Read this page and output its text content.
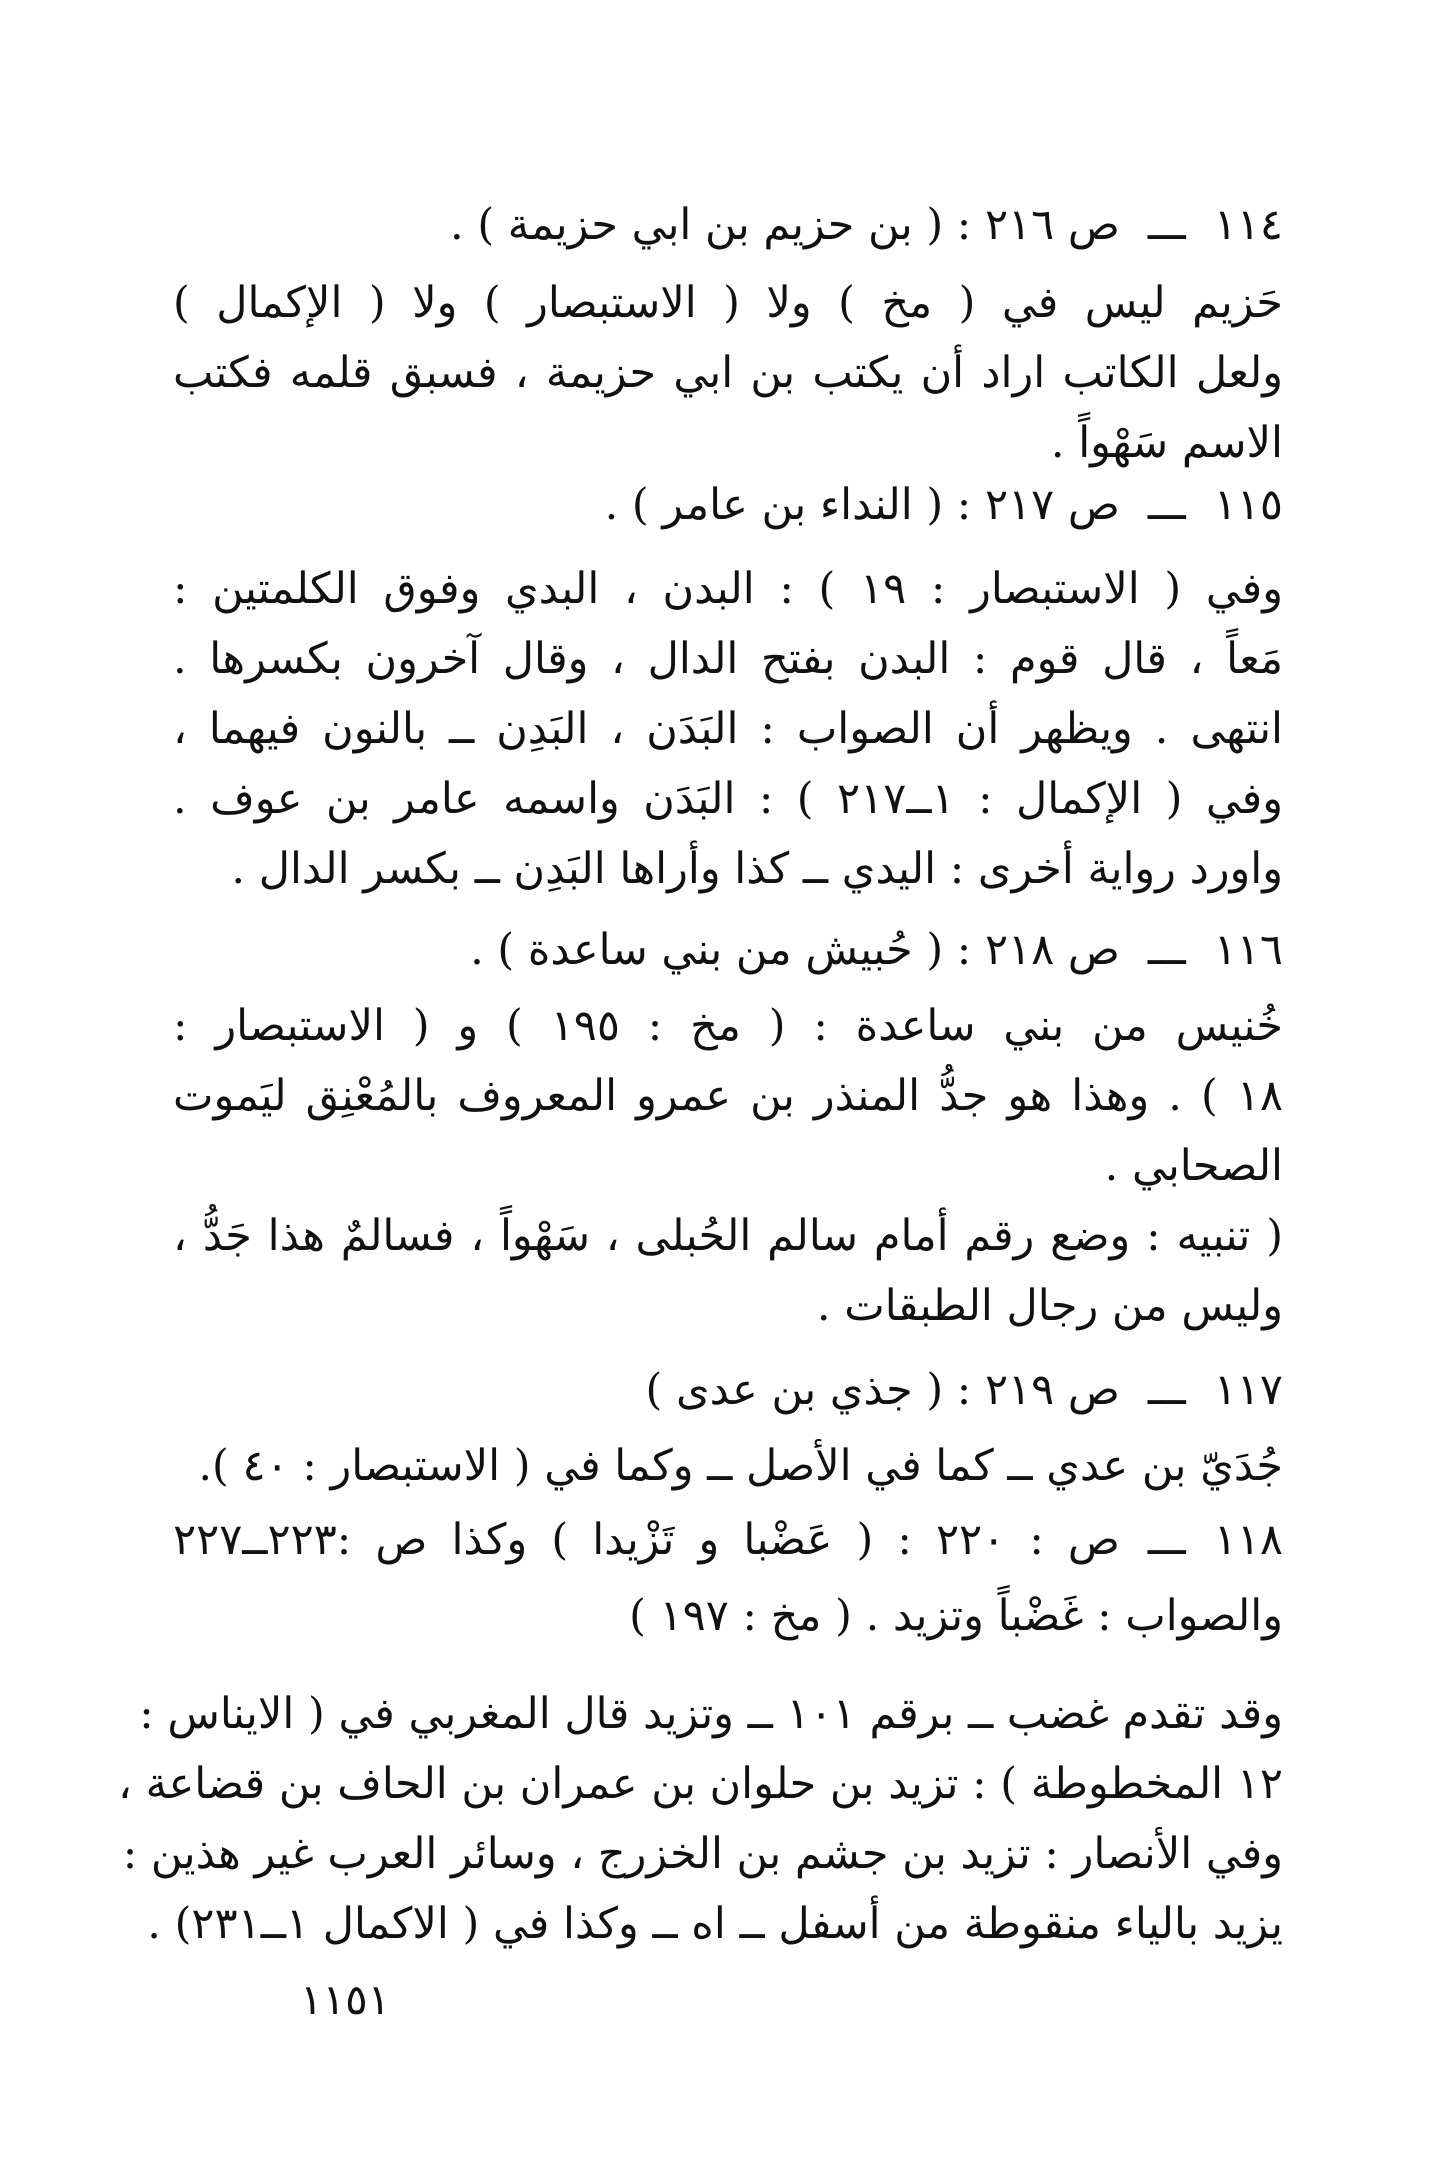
١١٤ـــص ٢١٦ : ( بن حزيم بن ابي حزيمة ) .
حَزيم ليس في ( مخ ) ولا ( الاستبصار ) ولا ( الإكمال )
ولعل الكاتب اراد أن يكتب بن ابي حزيمة ، فسبق قلمه فكتب
الاسم سَهْواً .
١١٥ـــص ٢١٧ : ( النداء بن عامر ) .
وفي ( الاستبصار : ١٩ ) : البدن ، البدي وفوق الكلمتين :
مَعاً ، قال قوم : البدن بفتح الدال ، وقال آخرون بكسرها .
انتهى . ويظهر أن الصواب : البَدَن ، البَدِن ــ بالنون فيهما ،
وفي ( الإكمال : ١ــ٢١٧ ) : البَدَن واسمه عامر بن عوف .
واورد رواية أخرى : اليدي ــ كذا وأراها البَدِن ــ بكسر الدال .
١١٦ـــص ٢١٨ : ( حُبيش من بني ساعدة ) .
خُنيس من بني ساعدة : ( مخ : ١٩٥ ) و ( الاستبصار :
١٨ ) . وهذا هو جدُّ المنذر بن عمرو المعروف بالمُعْنِق ليَموت
الصحابي .
( تنبيه : وضع رقم أمام سالم الحُبلى ، سَهْواً ، فسالمٌ هذا جَدُّ ،
وليس من رجال الطبقات .
١١٧ـــص ٢١٩ : ( جذي بن عدى )
جُدَيّ بن عدي ــ كما في الأصل ــ وكما في ( الاستبصار : ٤٠ ).
١١٨ـــص : ٢٢٠ : ( عَضْبا و تَزْيدا ) وكذا ص :٢٢٣ــ٢٢٧
والصواب : غَضْباً وتزيد . ( مخ : ١٩٧ )
وقد تقدم غضب ــ برقم ١٠١ ــ وتزيد قال المغربي في ( الايناس :
١٢ المخطوطة ) : تزيد بن حلوان بن عمران بن الحاف بن قضاعة ،
وفي الأنصار : تزيد بن جشم بن الخزرج ، وسائر العرب غير هذين :
يزيد بالياء منقوطة من أسفل ــ اه ــ وكذا في ( الاكمال ١ــ٢٣١) .
١١٥١
